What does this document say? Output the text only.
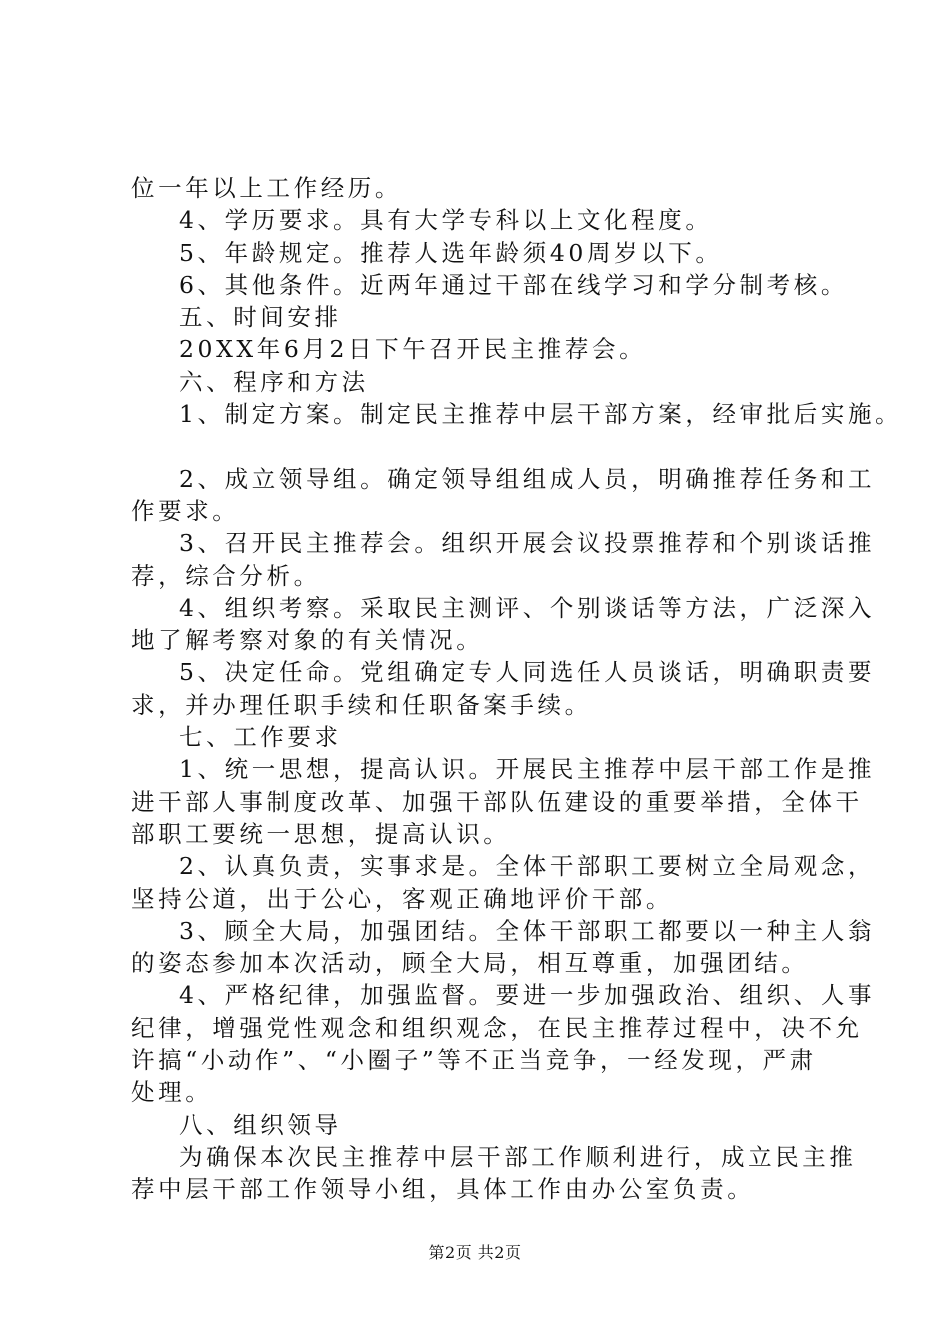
位一年以上工作经历。

4、学历要求。具有大学专科以上文化程度。

5、年龄规定。推荐人选年龄须40周岁以下。

6、其他条件。近两年通过干部在线学习和学分制考核。

五、时间安排

20XX年6月2日下午召开民主推荐会。

六、程序和方法

1、制定方案。制定民主推荐中层干部方案，经审批后实施。

2、成立领导组。确定领导组组成人员，明确推荐任务和工

作要求。

3、召开民主推荐会。组织开展会议投票推荐和个别谈话推

荐，综合分析。

4、组织考察。采取民主测评、个别谈话等方法，广泛深入

地了解考察对象的有关情况。

5、决定任命。党组确定专人同选任人员谈话，明确职责要

求，并办理任职手续和任职备案手续。

七、工作要求

1、统一思想，提高认识。开展民主推荐中层干部工作是推

进干部人事制度改革、加强干部队伍建设的重要举措，全体干

部职工要统一思想，提高认识。

2、认真负责，实事求是。全体干部职工要树立全局观念，

坚持公道，出于公心，客观正确地评价干部。

3、顾全大局，加强团结。全体干部职工都要以一种主人翁

的姿态参加本次活动，顾全大局，相互尊重，加强团结。

4、严格纪律，加强监督。要进一步加强政治、组织、人事

纪律，增强党性观念和组织观念，在民主推荐过程中，决不允

许搞“小动作”、“小圈子”等不正当竞争，一经发现，严肃

处理。

八、组织领导

为确保本次民主推荐中层干部工作顺利进行，成立民主推

荐中层干部工作领导小组，具体工作由办公室负责。

第2页 共2页
